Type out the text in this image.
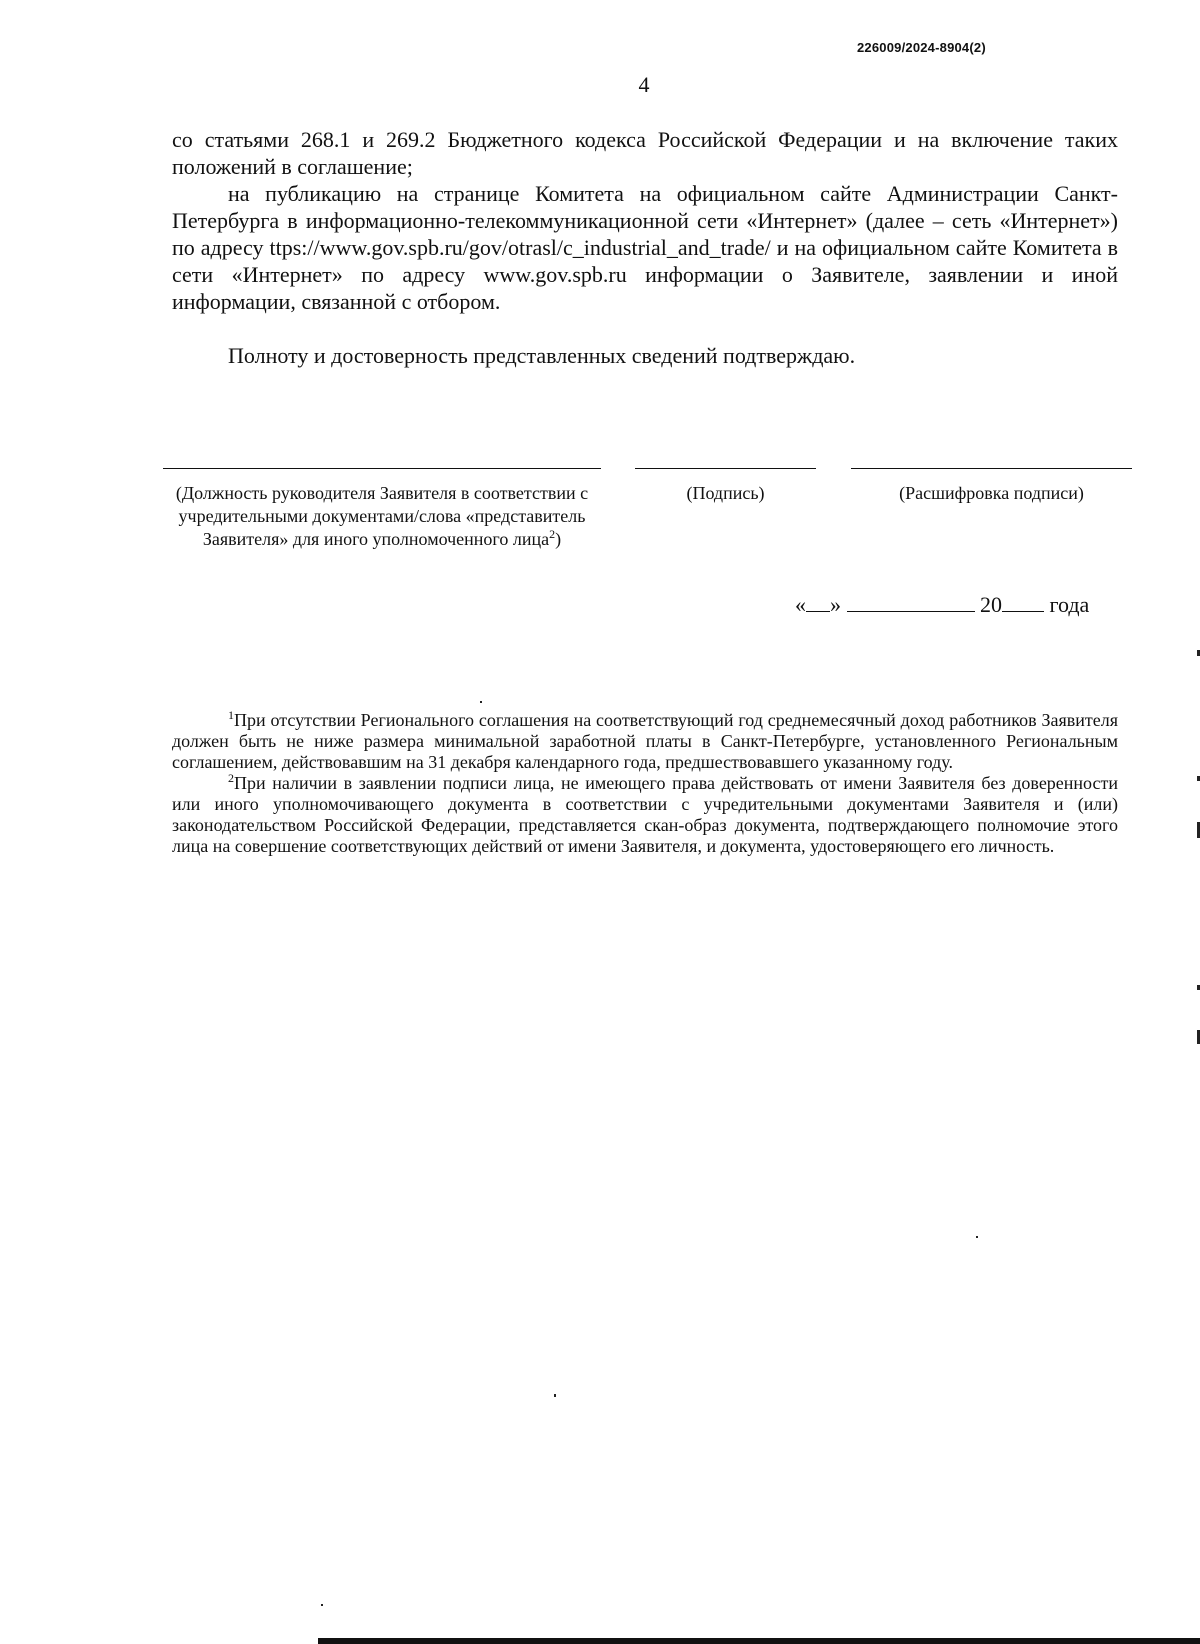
226009/2024-8904(2)
4

со статьями 268.1 и 269.2 Бюджетного кодекса Российской Федерации и на включение таких положений в соглашение;

на публикацию на странице Комитета на официальном сайте Администрации Санкт-Петербурга в информационно-телекоммуникационной сети «Интернет» (далее – сеть «Интернет») по адресу ttps://www.gov.spb.ru/gov/otrasl/c_industrial_and_trade/ и на официальном сайте Комитета в сети «Интернет» по адресу www.gov.spb.ru информации о Заявителе, заявлении и иной информации, связанной с отбором.

Полноту и достоверность представленных сведений подтверждаю.

(Должность руководителя Заявителя в соответствии с учредительными документами/слова «представитель Заявителя» для иного уполномоченного лица$^2$)
(Подпись)	(Расшифровка подписи)
« »	20 года

$^1$При отсутствии Регионального соглашения на соответствующий год среднемесячный доход работников Заявителя должен быть не ниже размера минимальной заработной платы в Санкт-Петербурге, установленного Региональным соглашением, действовавшим на 31 декабря календарного года, предшествовавшего указанному году.

$^2$При наличии в заявлении подписи лица, не имеющего права действовать от имени Заявителя без доверенности или иного уполномочивающего документа в соответствии с учредительными документами Заявителя и (или) законодательством Российской Федерации, представляется скан-образ документа, подтверждающего полномочие этого лица на совершение соответствующих действий от имени Заявителя, и документа, удостоверяющего его личность.
